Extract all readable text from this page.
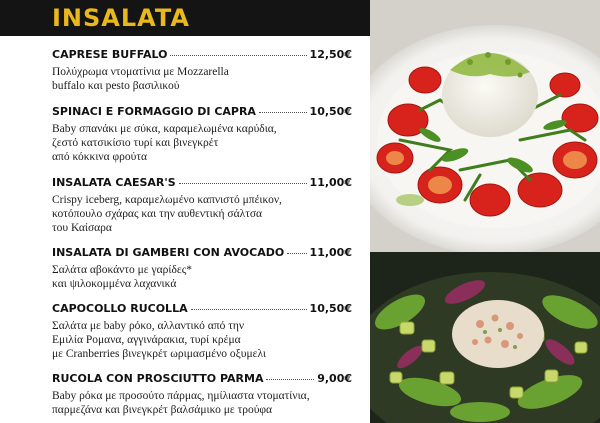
INSALATA
CAPRESE BUFFALO	12,50€
Πολύχρωμα ντοματίνια με Mozzarella
buffalo και pesto βασιλικού
SPINACI E FORMAGGIO DI CAPRA	10,50€
Baby σπανάκι με σύκα, καραμελωμένα καρύδια,
ζεστό κατσικίσιο τυρί και βινεγκρέτ
από κόκκινα φρούτα
INSALATA CAESAR'S	11,00€
Crispy iceberg, καραμελωμένο καπνιστό μπέικον,
κοτόπουλο σχάρας και την αυθεντική σάλτσα
του Καίσαρα
INSALATA DI GAMBERI CON AVOCADO 11,00€
Σαλάτα αβοκάντο με γαρίδες*
και ψιλοκομμένα λαχανικά
CAPOCOLLO RUCOLLA	10,50€
Σαλάτα με baby ρόκο, αλλαντικό από την
Εμιλία Ρομανα, αγγινάρακια, τυρί κρέμα
με Cranberries βινεγκρέτ ωριμασμένο οξυμελι
RUCOLA CON PROSCIUTTO PARMA	9,00€
Baby ρόκα με προσούτο πάρμας, ημίλιαστα ντοματίνια,
παρμεζάνα και βινεγκρέτ βαλσάμικο με τρούφα
